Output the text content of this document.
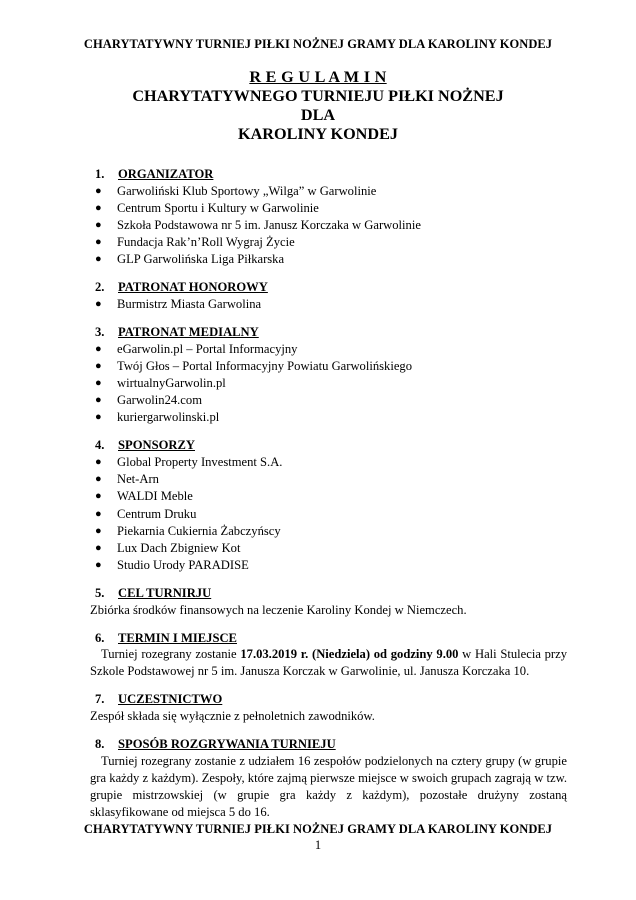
CHARYTATYWNY TURNIEJ PIŁKI NOŻNEJ GRAMY DLA KAROLINY KONDEJ
R E G U L A M I N
CHARYTATYWNEGO TURNIEJU PIŁKI NOŻNEJ
DLA
KAROLINY KONDEJ
1.	ORGANIZATOR
●	Garwoliński Klub Sportowy „Wilga” w Garwolinie
●	Centrum Sportu i Kultury w Garwolinie
●	Szkoła Podstawowa nr 5 im. Janusz Korczaka w Garwolinie
●	Fundacja Rak’n’Roll Wygraj Życie
●	GLP Garwolińska Liga Piłkarska
2.	PATRONAT HONOROWY
●	Burmistrz Miasta Garwolina
3.	PATRONAT MEDIALNY
●	eGarwolin.pl – Portal Informacyjny
●	Twój Głos – Portal Informacyjny Powiatu Garwolińskiego
●	wirtualnyGarwolin.pl
●	Garwolin24.com
●	kuriergarwolinski.pl
4.	SPONSORZY
●	Global Property Investment S.A.
●	Net-Arn
●	WALDI Meble
●	Centrum Druku
●	Piekarnia Cukiernia Żabczyńscy
●	Lux Dach Zbigniew Kot
●	Studio Urody PARADISE
5.	CEL TURNIRJU
Zbiórka środków finansowych na leczenie Karoliny Kondej w Niemczech.
6.	TERMIN I MIEJSCE
Turniej rozegrany zostanie 17.03.2019 r. (Niedziela) od godziny 9.00 w Hali Stulecia przy Szkole Podstawowej nr 5 im. Janusza Korczak w Garwolinie, ul. Janusza Korczaka 10.
7.	UCZESTNICTWO
Zespół składa się wyłącznie z pełnoletnich zawodników.
8.	SPOSÓB ROZGRYWANIA TURNIEJU
Turniej rozegrany zostanie z udziałem 16 zespołów podzielonych na cztery grupy (w grupie gra każdy z każdym). Zespoły, które zajmą pierwsze miejsce w swoich grupach zagrają w tzw. grupie mistrzowskiej (w grupie gra każdy z każdym), pozostałe drużyny zostaną sklasyfikowane od miejsca 5 do 16.
CHARYTATYWNY TURNIEJ PIŁKI NOŻNEJ GRAMY DLA KAROLINY KONDEJ
1
